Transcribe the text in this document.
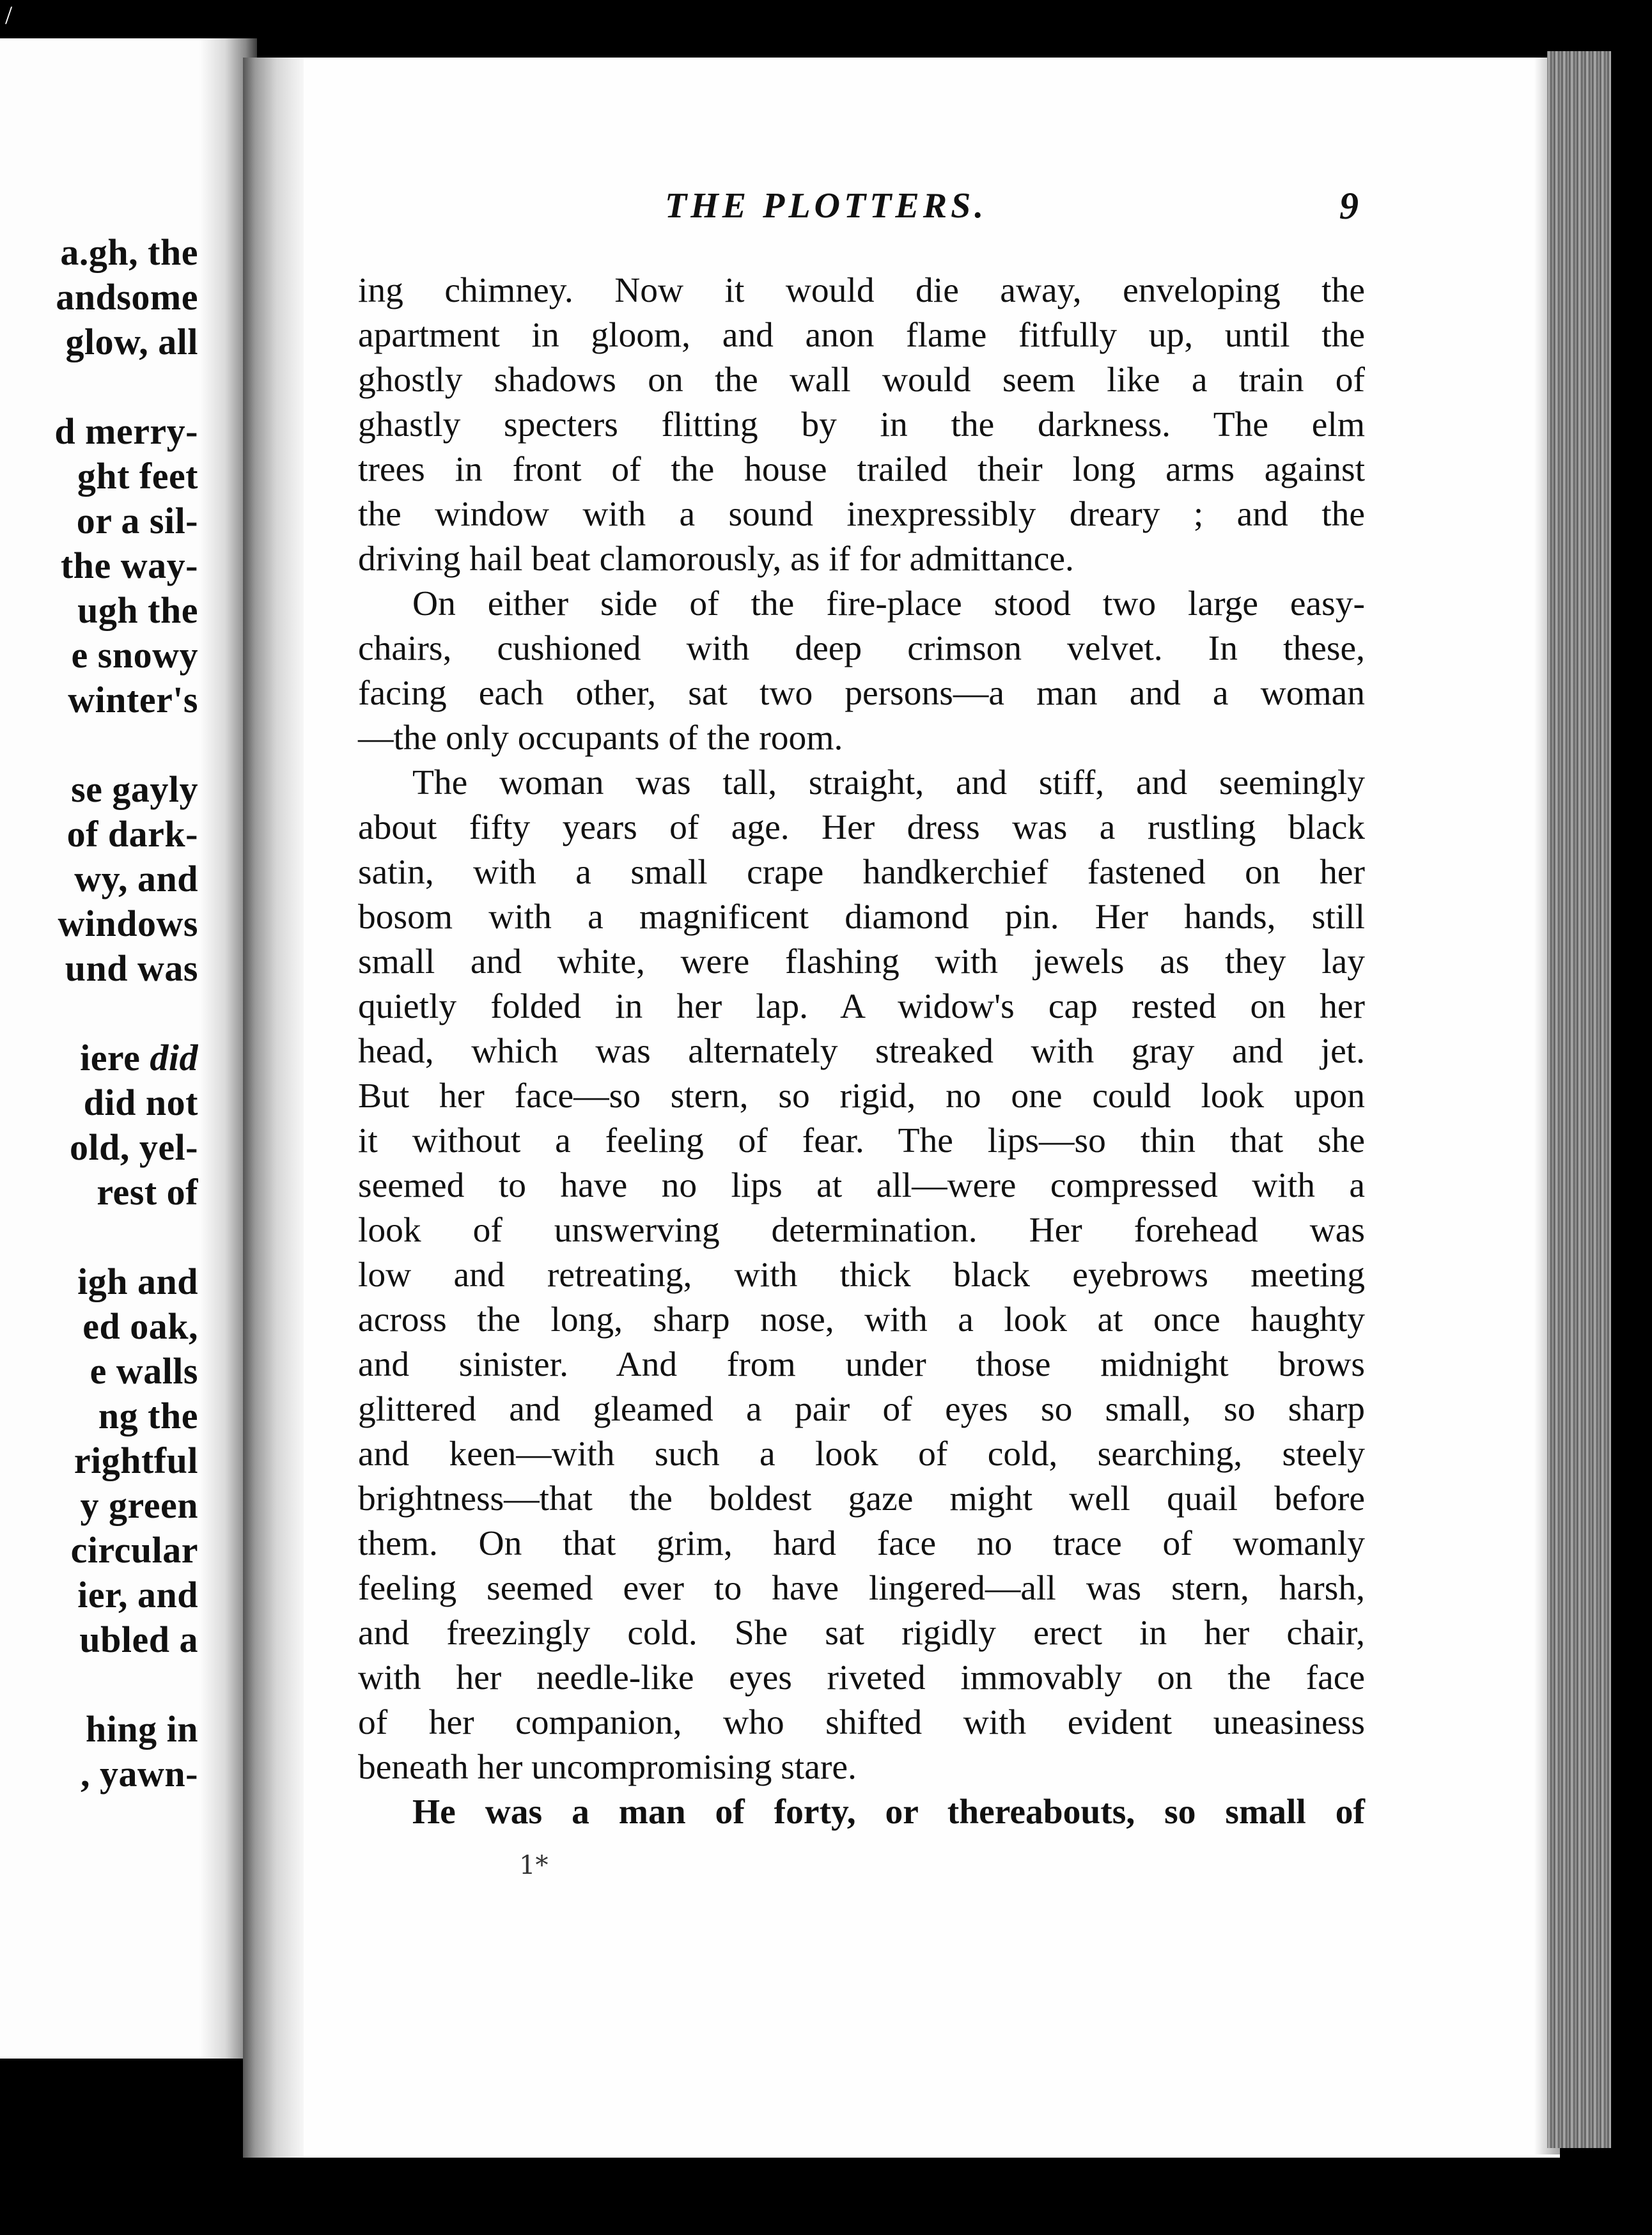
/
a.gh, the
andsome
glow, all
d merry-
ght feet
or a sil-
the way-
ugh the
e snowy
winter's
se gayly
of dark-
wy, and
windows
und was
iere did
did not
old, yel-
rest of
igh and
ed oak,
e walls
ng the
rightful
y green
circular
ier, and
ubled a
hing in
, yawn-
THE PLOTTERS.	9
ing chimney. Now it would die away, enveloping the
apartment in gloom, and anon flame fitfully up, until the
ghostly shadows on the wall would seem like a train of
ghastly specters flitting by in the darkness. The elm
trees in front of the house trailed their long arms against
the window with a sound inexpressibly dreary ; and the
driving hail beat clamorously, as if for admittance.
On either side of the fire-place stood two large easy-
chairs, cushioned with deep crimson velvet. In these,
facing each other, sat two persons—a man and a woman
—the only occupants of the room.
The woman was tall, straight, and stiff, and seemingly
about fifty years of age. Her dress was a rustling black
satin, with a small crape handkerchief fastened on her
bosom with a magnificent diamond pin. Her hands, still
small and white, were flashing with jewels as they lay
quietly folded in her lap. A widow's cap rested on her
head, which was alternately streaked with gray and jet.
But her face—so stern, so rigid, no one could look upon
it without a feeling of fear. The lips—so thin that she
seemed to have no lips at all—were compressed with a
look of unswerving determination. Her forehead was
low and retreating, with thick black eyebrows meeting
across the long, sharp nose, with a look at once haughty
and sinister. And from under those midnight brows
glittered and gleamed a pair of eyes so small, so sharp
and keen—with such a look of cold, searching, steely
brightness—that the boldest gaze might well quail before
them. On that grim, hard face no trace of womanly
feeling seemed ever to have lingered—all was stern, harsh,
and freezingly cold. She sat rigidly erect in her chair,
with her needle-like eyes riveted immovably on the face
of her companion, who shifted with evident uneasiness
beneath her uncompromising stare.
He was a man of forty, or thereabouts, so small of
1*
